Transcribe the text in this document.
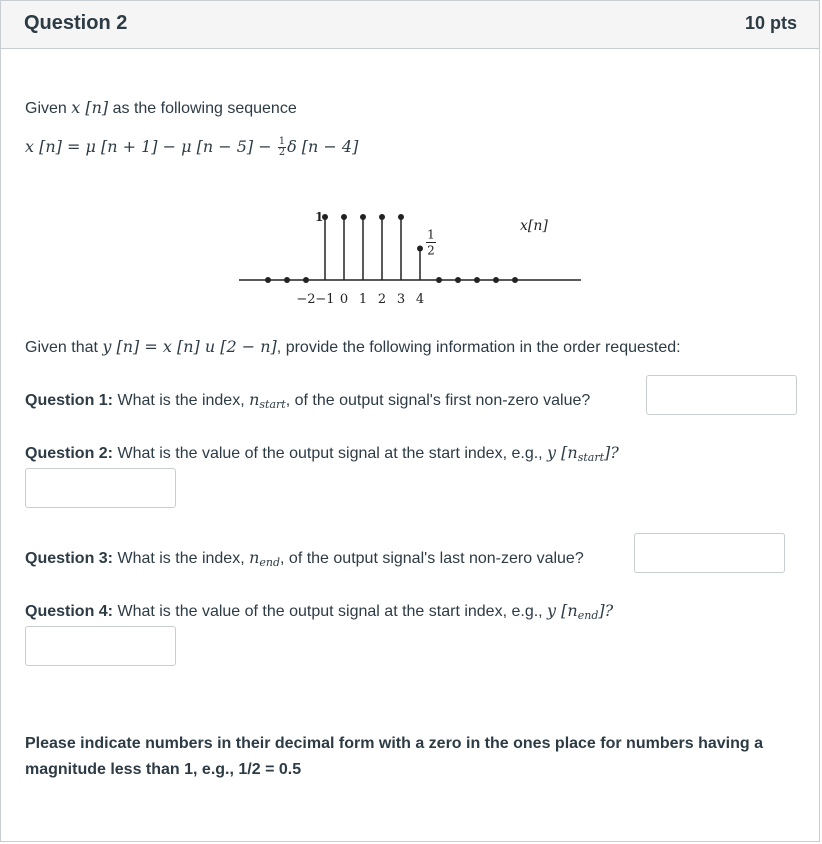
Question 2	10 pts
Given x [n] as the following sequence
x [n] = μ [n + 1] − μ $[n - 5] - \frac{1}{2}$ δ [n − 4]
−2 −1 0 1 2 3 4
1
1
2
x[n]
Given that y [n] = x [n] u [2 − n], provide the following information in the order requested:
Question 1: What is the index, $n_{start}$, of the output signal's first non-zero value?
Question 2: What is the value of the output signal at the start index, e.g., y $[n_{start}]$?
Question 3: What is the index, $n_{end}$, of the output signal's last non-zero value?
Question 4: What is the value of the output signal at the start index, e.g., y $[n_{end}]$?
Please indicate numbers in their decimal form with a zero in the ones place for numbers having a magnitude less than 1, e.g., 1/2 = 0.5
